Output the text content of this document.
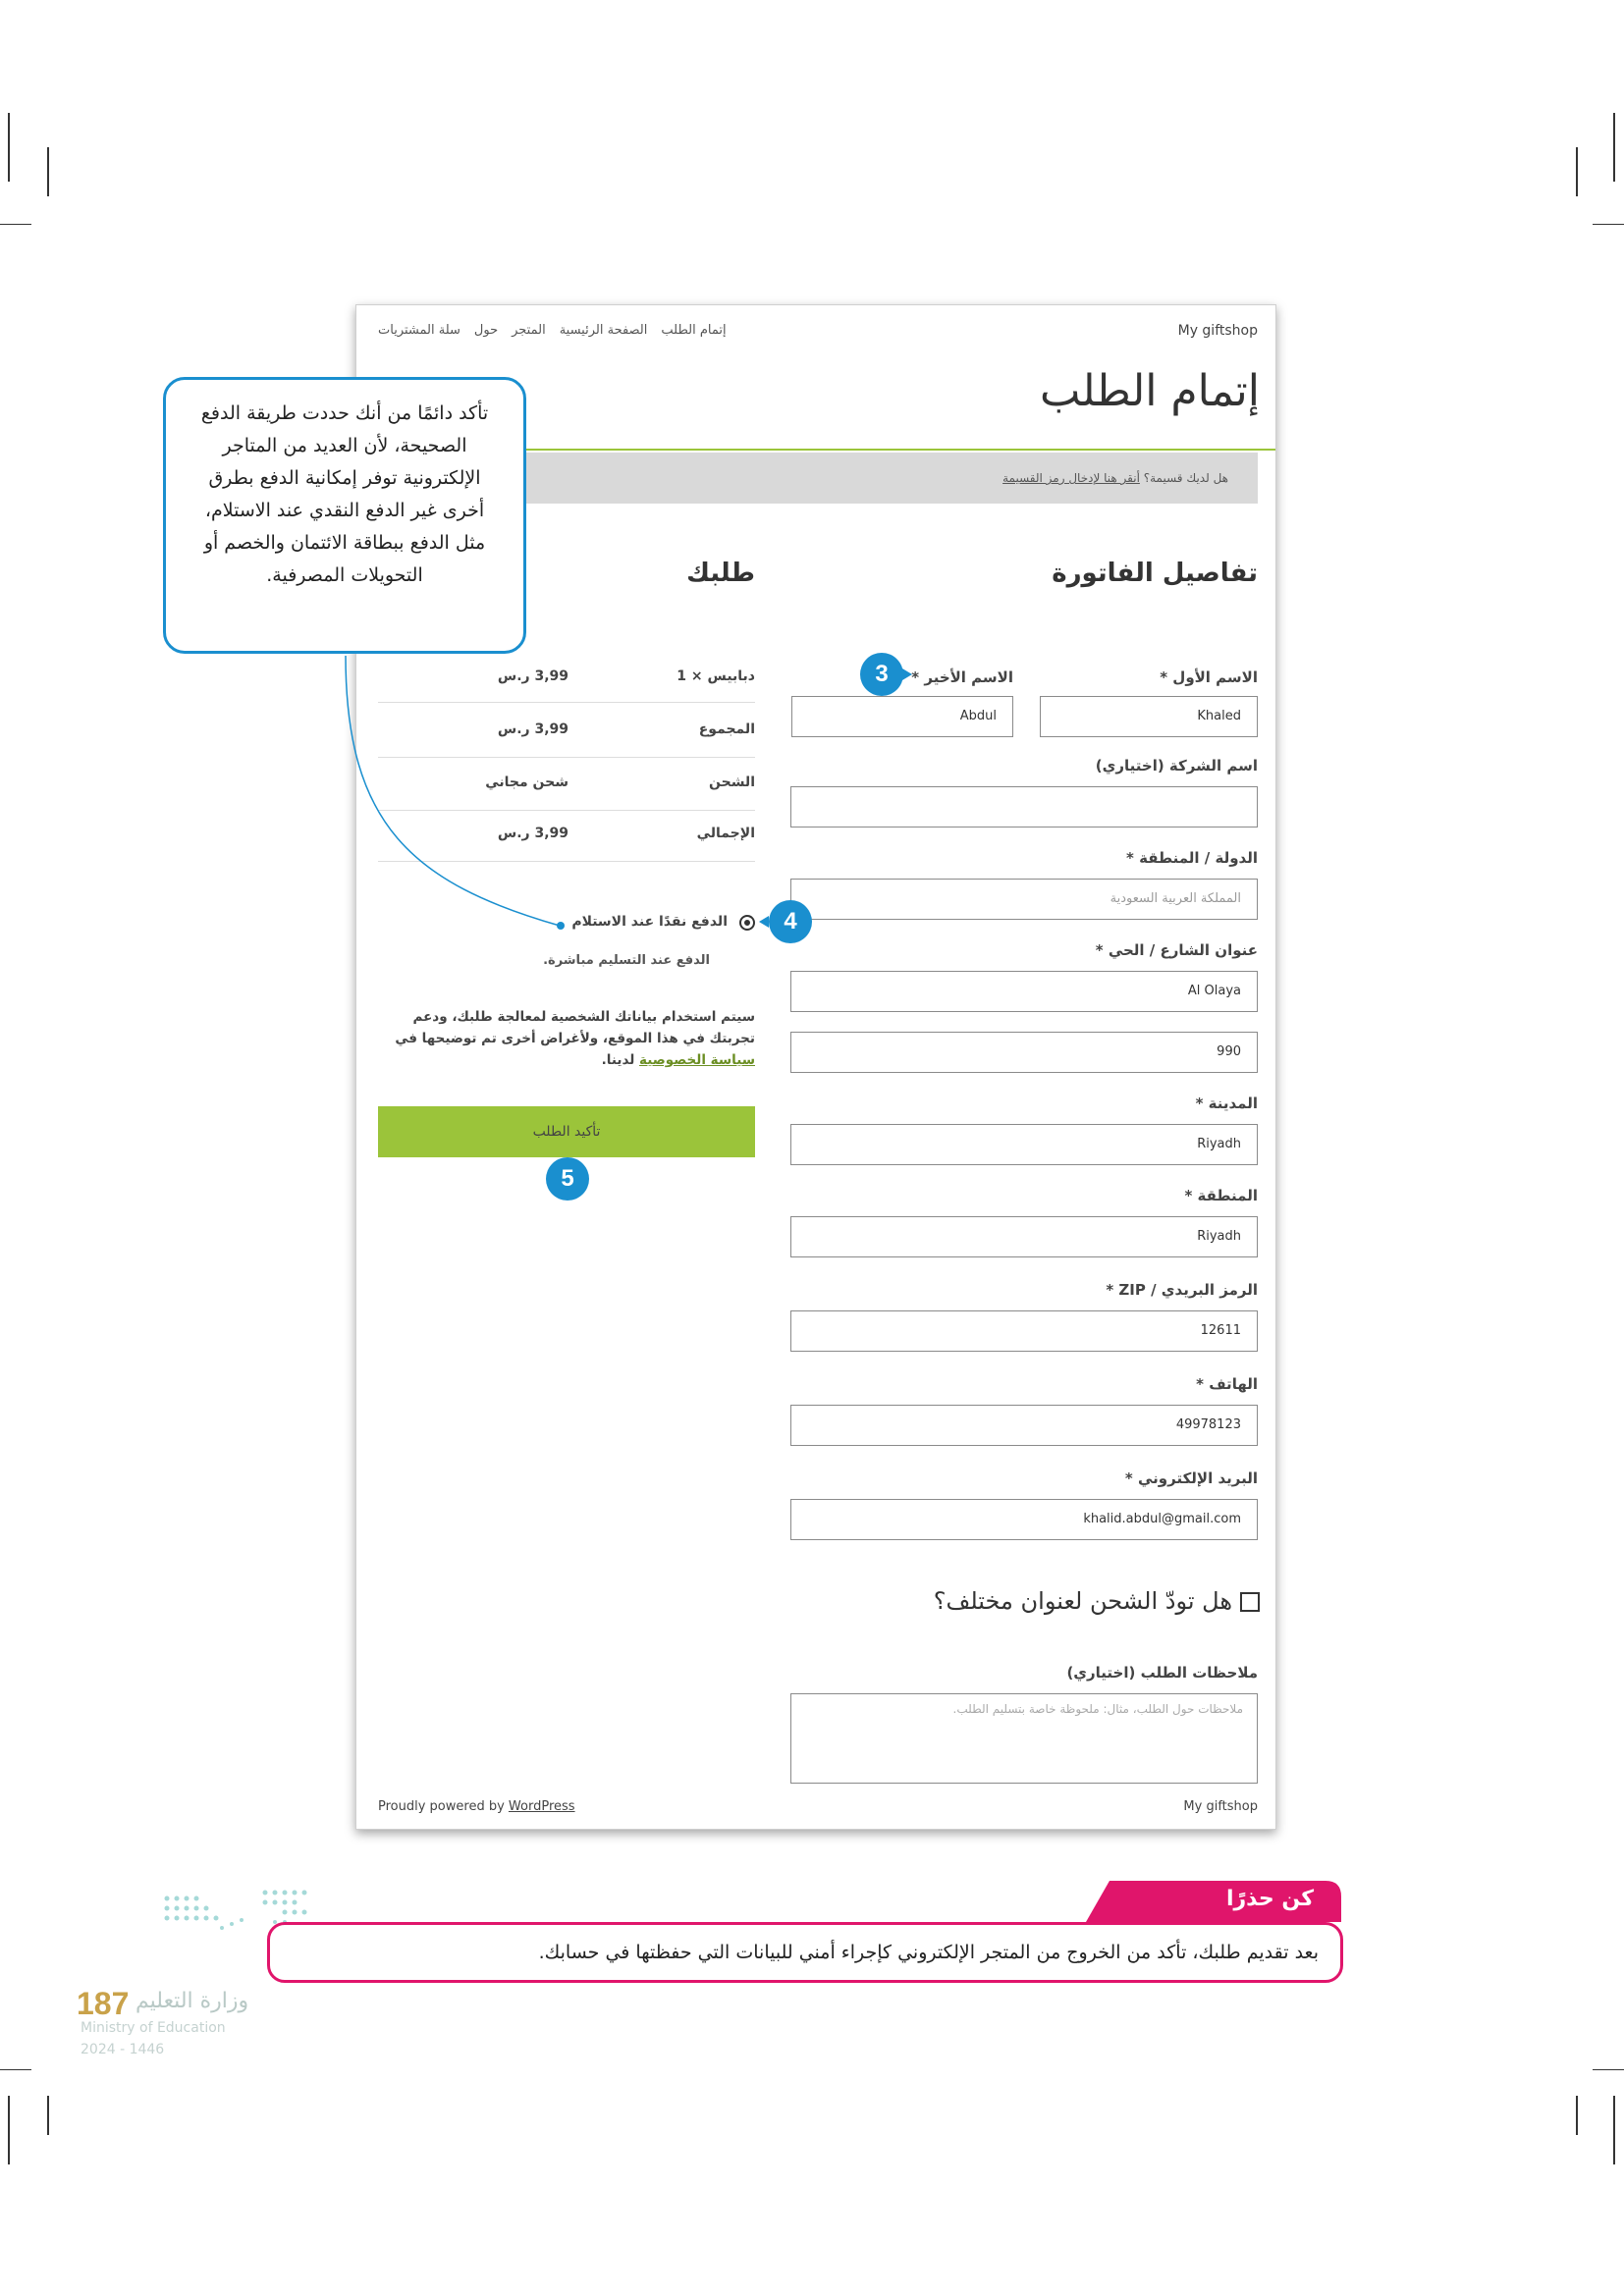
My giftshop
إتمام الطلب
الصفحة الرئيسية
المتجر
حول
سلة المشتريات
إتمام الطلب
هل لديك قسيمة؟ أنقر هنا لإدخال رمز القسيمة
تفاصيل الفاتورة
طلبك
الاسم الأول *
الاسم الأخير *
Khaled
Abdul
اسم الشركة (اختياري)
الدولة / المنطقة *
المملكة العربية السعودية
عنوان الشارع / الحي *
Al Olaya
990
المدينة *
Riyadh
المنطقة *
Riyadh
الرمز البريدي / ZIP *
12611
الهاتف *
49978123
البريد الإلكتروني *
khalid.abdul@gmail.com
هل تودّ الشحن لعنوان مختلف؟
ملاحظات الطلب (اختياري)
ملاحظات حول الطلب، مثال: ملحوظة خاصة بتسليم الطلب.
دبابيس × 1
3,99 ر.س
المجموع
3,99 ر.س
الشحن
شحن مجاني
الإجمالي
3,99 ر.س
الدفع نقدًا عند الاستلام
الدفع عند التسليم مباشرة.
سيتم استخدام بياناتك الشخصية لمعالجة طلبك، ودعم تجربتك في هذا الموقع، ولأغراض أخرى تم توضيحها في سياسة الخصوصية لدينا.
تأكيد الطلب
Proudly powered by WordPress	My giftshop
3
4
5
تأكد دائمًا من أنك حددت طريقة الدفع الصحيحة، لأن العديد من المتاجر الإلكترونية توفر إمكانية الدفع بطرق أخرى غير الدفع النقدي عند الاستلام، مثل الدفع ببطاقة الائتمان والخصم أو التحويلات المصرفية.
كن حذرًا
بعد تقديم طلبك، تأكد من الخروج من المتجر الإلكتروني كإجراء أمني للبيانات التي حفظتها في حسابك.
187 وزارة التعليم
Ministry of Education
2024 - 1446
